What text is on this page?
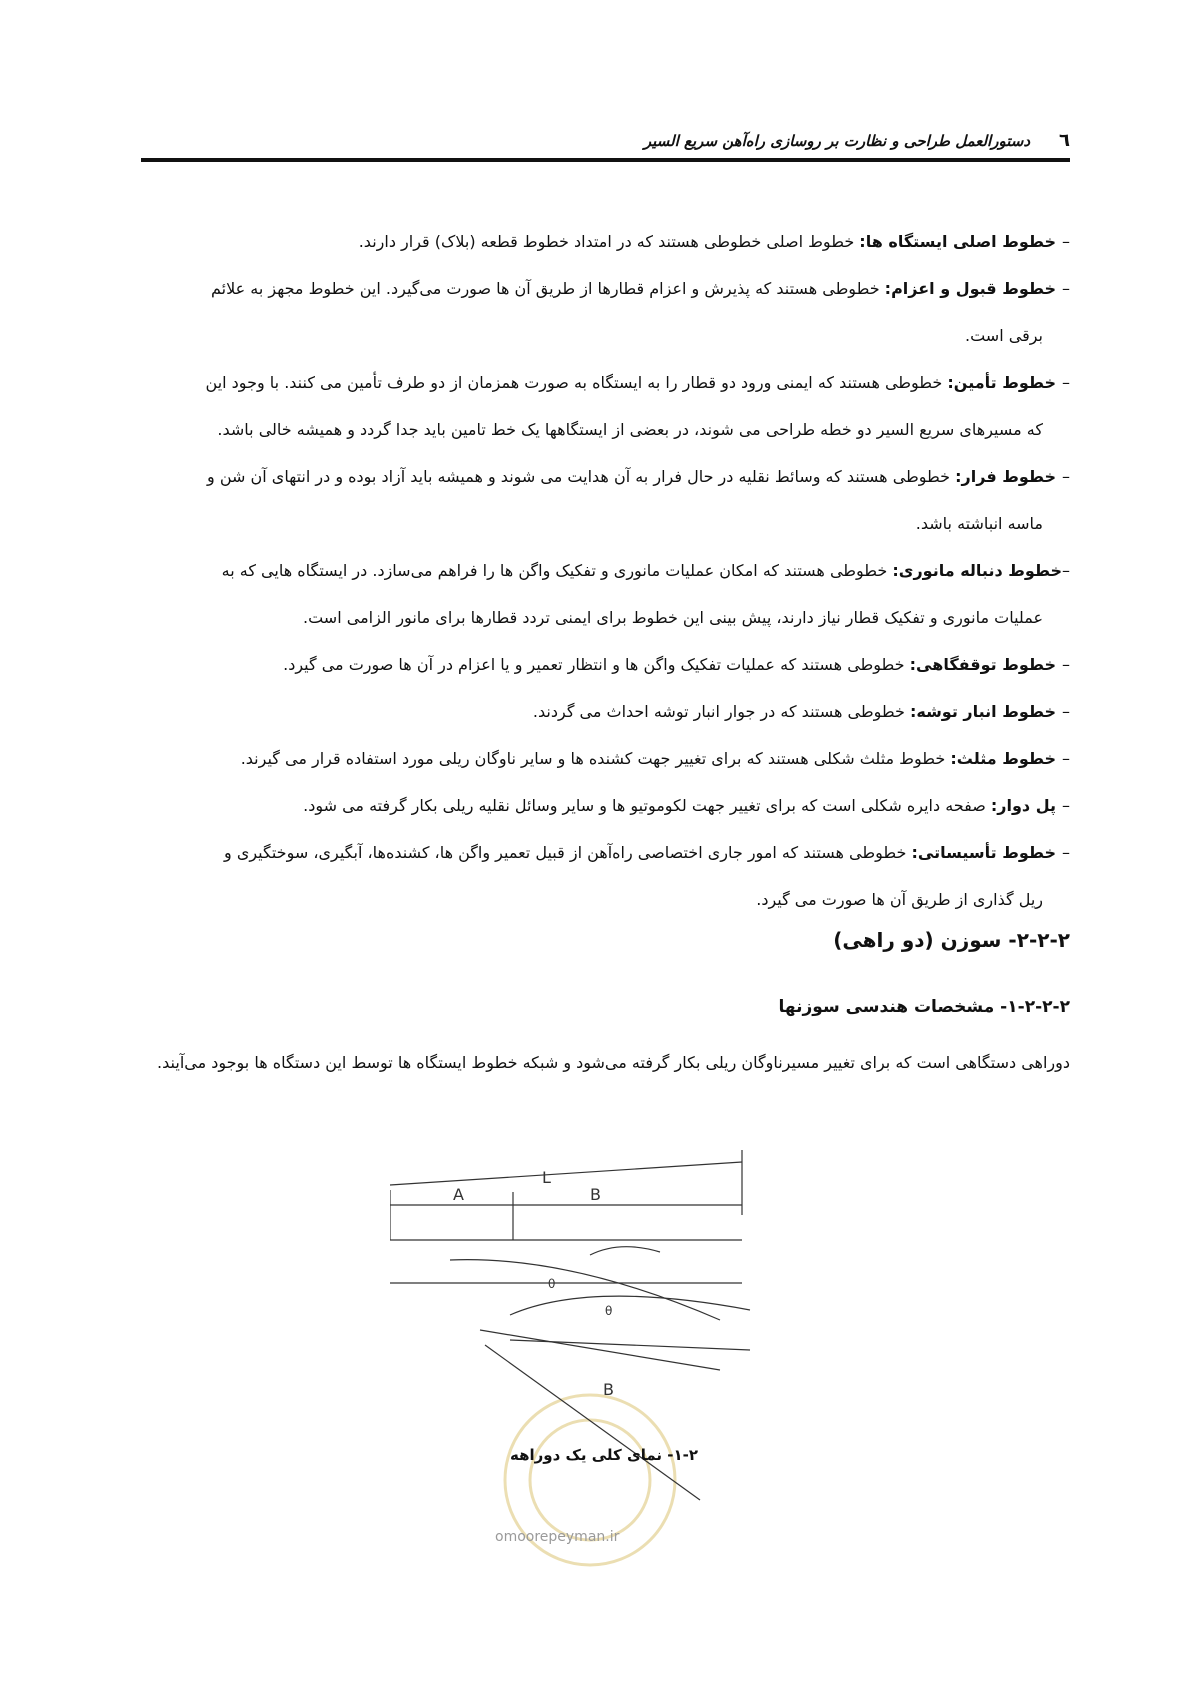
٦
دستورالعمل طراحی و نظارت بر روسازی راه‌آهن سریع السیر

–خطوط اصلی ایستگاه ها: خطوط اصلی خطوطی هستند که در امتداد خطوط قطعه (بلاک) قرار دارند.

–خطوط قبول و اعزام: خطوطی هستند که پذیرش و اعزام قطارها از طریق آن ها صورت می‌گیرد. این خطوط مجهز به علائم
برقی است.

–خطوط تأمین: خطوطی هستند که ایمنی ورود دو قطار را به ایستگاه به صورت همزمان از دو طرف تأمین می کنند. با وجود این
که مسیرهای سریع السیر دو خطه طراحی می شوند، در بعضی از ایستگاهها یک خط تامین باید جدا گردد و همیشه خالی باشد.

–خطوط فرار: خطوطی هستند که وسائط نقلیه در حال فرار به آن هدایت می شوند و همیشه باید آزاد بوده و در انتهای آن شن و
ماسه انباشته باشد.

–خطوط دنباله مانوری: خطوطی هستند که امکان عملیات مانوری و تفکیک واگن ها را فراهم می‌سازد. در ایستگاه هایی که به
عملیات مانوری و تفکیک قطار نیاز دارند، پیش بینی این خطوط برای ایمنی تردد قطارها برای مانور الزامی است.

–خطوط توقفگاهی: خطوطی هستند که عملیات تفکیک واگن ها و انتظار تعمیر و یا اعزام در آن ها صورت می گیرد.

–خطوط انبار توشه: خطوطی هستند که در جوار انبار توشه احداث می گردند.

–خطوط مثلث: خطوط مثلث شکلی هستند که برای تغییر جهت کشنده ها و سایر ناوگان ریلی مورد استفاده قرار می گیرند.

–پل دوار: صفحه دایره شکلی است که برای تغییر جهت لکوموتیو ها و سایر وسائل نقلیه ریلی بکار گرفته می شود.

–خطوط تأسیساتی: خطوطی هستند که امور جاری اختصاصی راه‌آهن از قبیل تعمیر واگن ها، کشنده‌ها، آبگیری، سوختگیری و
ریل گذاری از طریق آن ها صورت می گیرد.

٢-٢-٢- سوزن (دو راهی)
٢-٢-٢-١- مشخصات هندسی سوزنها
دوراهی دستگاهی است که برای تغییر مسیرناوگان ریلی بکار گرفته می‌شود و شبکه خطوط ایستگاه ها توسط این دستگاه ها بوجود می‌آیند.
L
A	B
B
θ
θ
٢-١- نمای کلی یک دوراهه
omoorepeyman.ir
